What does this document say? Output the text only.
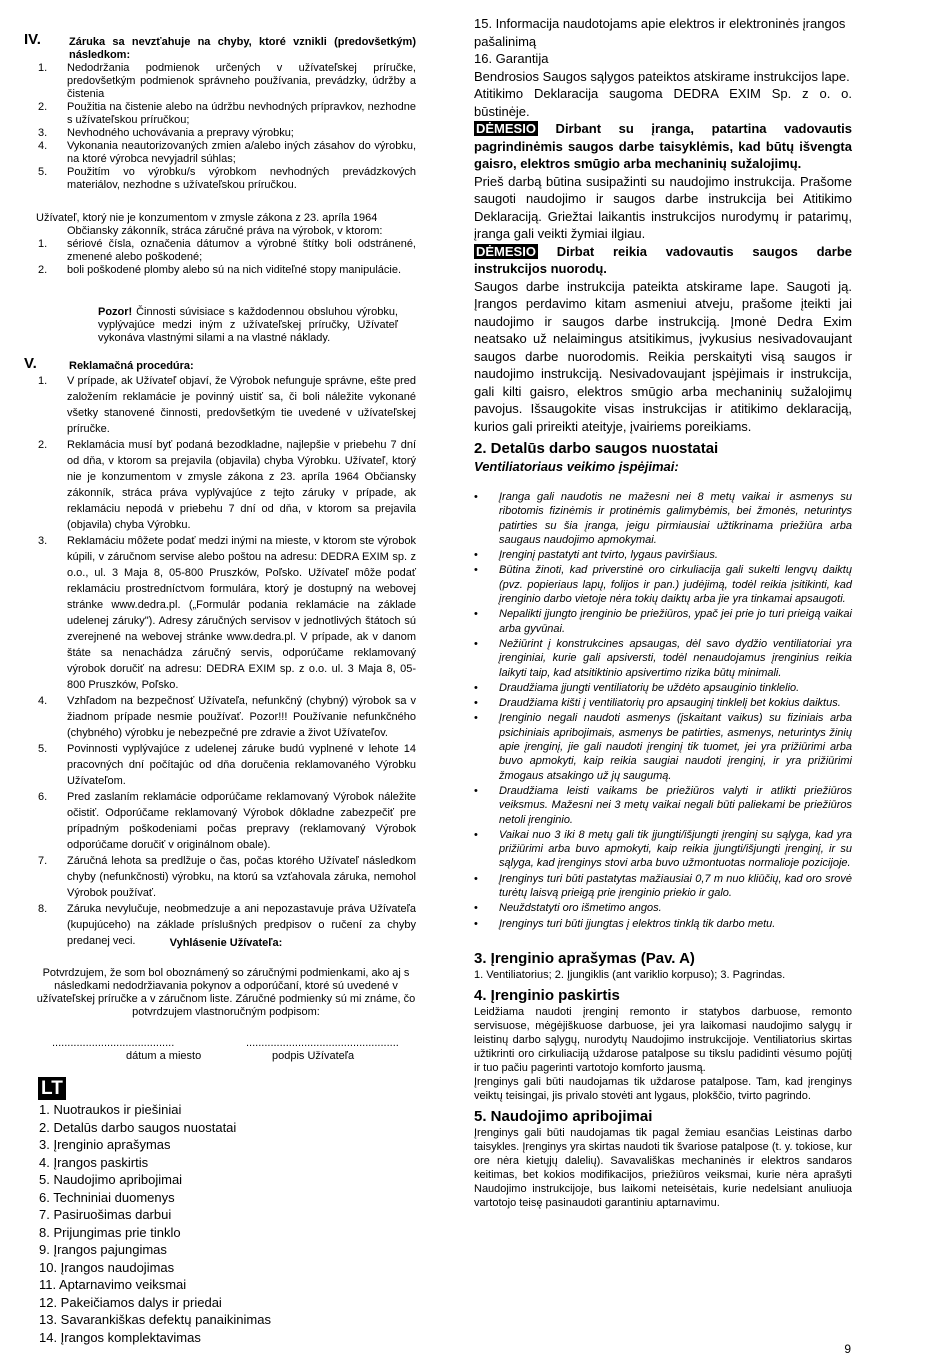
IV.	Záruka sa nevzťahuje na chyby, ktoré vznikli (predovšetkým) následkom:
1. Nedodržania podmienok určených v užívateľskej príručke, predovšetkým podmienok správneho používania, prevádzky, údržby a čistenia
2. Použitia na čistenie alebo na údržbu nevhodných prípravkov, nezhodne s užívateľskou príručkou;
3. Nevhodného uchovávania a prepravy výrobku;
4. Vykonania neautorizovaných zmien a/alebo iných zásahov do výrobku, na ktoré výrobca nevyjadril súhlas;
5. Použitím vo výrobku/s výrobkom nevhodných prevádzkových materiálov, nezhodne s užívateľskou príručkou.
Užívateľ, ktorý nie je konzumentom v zmysle zákona z 23. apríla 1964
Občiansky zákonník, stráca záručné práva na výrobok, v ktorom:
1. sériové čísla, označenia dátumov a výrobné štítky boli odstránené, zmenené alebo poškodené;
2. boli poškodené plomby alebo sú na nich viditeľné stopy manipulácie.
Pozor! Činnosti súvisiace s každodennou obsluhou výrobku, vyplývajúce medzi iným z užívateľskej príručky, Užívateľ vykonáva vlastnými silami a na vlastné náklady.
V.	Reklamačná procedúra:
1. V prípade, ak Užívateľ objaví, že Výrobok nefunguje správne, ešte pred založením reklamácie je povinný uistiť sa, či boli náležite vykonané všetky stanovené činnosti, predovšetkým tie uvedené v užívateľskej príručke.
2. Reklamácia musí byť podaná bezodkladne, najlepšie v priebehu 7 dní od dňa, v ktorom sa prejavila (objavila) chyba Výrobku. Užívateľ, ktorý nie je konzumentom v zmysle zákona z 23. apríla 1964 Občiansky zákonník, stráca práva vyplývajúce z tejto záruky v prípade, ak reklamáciu nepodá v priebehu 7 dní od dňa, v ktorom sa prejavila (objavila) chyba Výrobku.
3. Reklamáciu môžete podať medzi inými na mieste, v ktorom ste výrobok kúpili, v záručnom servise alebo poštou na adresu: DEDRA EXIM sp. z o.o., ul. 3 Maja 8, 05-800 Pruszków, Poľsko. Užívateľ môže podať reklamáciu prostredníctvom formulára, ktorý je dostupný na webovej stránke www.dedra.pl. („Formulár podania reklamácie na základe udelenej záruky"). Adresy záručných servisov v jednotlivých štátoch sú zverejnené na webovej stránke www.dedra.pl. V prípade, ak v danom štáte sa nenachádza záručný servis, odporúčame reklamovaný výrobok doručiť na adresu: DEDRA EXIM sp. z o.o. ul. 3 Maja 8, 05-800 Pruszków, Poľsko.
4. Vzhľadom na bezpečnosť Užívateľa, nefunkčný (chybný) výrobok sa v žiadnom prípade nesmie používať. Pozor!!! Používanie nefunkčného (chybného) výrobku je nebezpečné pre zdravie a život Užívateľov.
5. Povinnosti vyplývajúce z udelenej záruke budú vyplnené v lehote 14 pracovných dní počítajúc od dňa doručenia reklamovaného Výrobku Užívateľom.
6. Pred zaslaním reklamácie odporúčame reklamovaný Výrobok náležite očistiť. Odporúčame reklamovaný Výrobok dôkladne zabezpečiť pre prípadným poškodeniami počas prepravy (reklamovaný Výrobok odporúčame doručiť v originálnom obale).
7. Záručná lehota sa predlžuje o čas, počas ktorého Užívateľ následkom chyby (nefunkčnosti) výrobku, na ktorú sa vzťahovala záruka, nemohol Výrobok používať.
8. Záruka nevylučuje, neobmedzuje a ani nepozastavuje práva Užívateľa (kupujúceho) na základe príslušných predpisov o ručení za chyby predanej veci.	Vyhlásenie Užívateľa:
Potvrdzujem, že som bol oboznámený so záručnými podmienkami, ako aj s následkami nedodržiavania pokynov a odporúčaní, ktoré sú uvedené v užívateľskej príručke a v záručnom liste. Záručné podmienky sú mi známe, čo potvrdzujem vlastnoručným podpisom:
........................................	..................................................
dátum a miesto	podpis Užívateľa
LT
1. Nuotraukos ir piešiniai
2. Detalūs darbo saugos nuostatai
3. Įrenginio aprašymas
4. Įrangos paskirtis
5. Naudojimo apribojimai
6. Techniniai duomenys
7. Pasiruošimas darbui
8. Prijungimas prie tinklo
9. Įrangos pajungimas
10. Įrangos naudojimas
11. Aptarnavimo veiksmai
12. Pakeičiamos dalys ir priedai
13. Savarankiškas defektų panaikinimas
14. Įrangos komplektavimas
15. Informacija naudotojams apie elektros ir elektroninės įrangos pašalinimą
16. Garantija
Bendrosios Saugos sąlygos pateiktos atskirame instrukcijos lape.
Atitikimo Deklaracija saugoma DEDRA EXIM Sp. z o. o. būstinėje.
DĖMESIO Dirbant su įranga, patartina vadovautis pagrindinėmis saugos darbe taisyklėmis, kad būtų išvengta gaisro, elektros smūgio arba mechaninių sužalojimų.
Prieš darbą būtina susipažinti su naudojimo instrukcija. Prašome saugoti naudojimo ir saugos darbe instrukcija bei Atitikimo Deklaraciją. Griežtai laikantis instrukcijos nurodymų ir patarimų, įranga gali veikti žymiai ilgiau.
DĖMESIO Dirbat reikia vadovautis saugos darbe instrukcijos nuorodų.
Saugos darbe instrukcija pateikta atskirame lape. Saugoti ją. Įrangos perdavimo kitam asmeniui atveju, prašome įteikti jai naudojimo ir saugos darbe instrukciją. Įmonė Dedra Exim neatsako už nelaimingus atsitikimus, įvykusius nesivadovaujant saugos darbe nuorodomis. Reikia perskaityti visą saugos ir naudojimo instrukciją. Nesivadovaujant įspėjimais ir instrukcija, gali kilti gaisro, elektros smūgio arba mechaninių sužalojimų pavojus. Išsaugokite visas instrukcijas ir atitikimo deklaraciją, kurios gali prireikti ateityje, įvairiems poreikiams.
2. Detalūs darbo saugos nuostatai
Ventiliatoriaus veikimo įspėjimai:
• Įranga gali naudotis ne mažesni nei 8 metų vaikai ir asmenys su ribotomis fizinėmis ir protinėmis galimybėmis, bei žmonės, neturintys patirties su šia įranga, jeigu pirmiausiai užtikrinama priežiūra arba saugaus naudojimo apmokymai.
• Įrenginį pastatyti ant tvirto, lygaus paviršiaus.
• Būtina žinoti, kad priverstinė oro cirkuliacija gali sukelti lengvų daiktų (pvz. popieriaus lapų, folijos ir pan.) judėjimą, todėl reikia įsitikinti, kad įrenginio darbo vietoje nėra tokių daiktų arba jie yra tinkamai apsaugoti.
• Nepalikti įjungto įrenginio be priežiūros, ypač jei prie jo turi prieigą vaikai arba gyvūnai.
• Nežiūrint į konstrukcines apsaugas, dėl savo dydžio ventiliatoriai yra įrenginiai, kurie gali apsiversti, todėl nenaudojamus įrenginius reikia laikyti taip, kad atsitiktinio apsivertimo rizika būtų minimali.
• Draudžiama įjungti ventiliatorių be uždėto apsauginio tinklelio.
• Draudžiama kišti į ventiliatorių pro apsauginį tinklelį bet kokius daiktus.
• Įrenginio negali naudoti asmenys (įskaitant vaikus) su fiziniais arba psichiniais apribojimais, asmenys be patirties, asmenys, neturintys žinių apie įrenginį, jie gali naudoti įrenginį tik tuomet, jei yra prižiūrimi arba buvo apmokyti, kaip reikia saugiai naudoti įrenginį, ir yra prižiūrimi žmogaus atsakingo už jų saugumą.
• Draudžiama leisti vaikams be priežiūros valyti ir atlikti priežiūros veiksmus. Mažesni nei 3 metų vaikai negali būti paliekami be priežiūros netoli įrenginio.
• Vaikai nuo 3 iki 8 metų gali tik įjungti/išjungti įrenginį su sąlyga, kad yra prižiūrimi arba buvo apmokyti, kaip reikia įjungti/išjungti įrenginį, ir su sąlyga, kad įrenginys stovi arba buvo užmontuotas normalioje pozicijoje.
• Įrenginys turi būti pastatytas mažiausiai 0,7 m nuo kliūčių, kad oro srovė turėtų laisvą prieigą prie įrenginio priekio ir galo.
• Neuždstatyti oro išmetimo angos.
• Įrenginys turi būti įjungtas į elektros tinklą tik darbo metu.
3. Įrenginio aprašymas (Pav. A)
1. Ventiliatorius; 2. Įjungiklis (ant variklio korpuso); 3. Pagrindas.
4. Įrenginio paskirtis
Leidžiama naudoti įrenginį remonto ir statybos darbuose, remonto servisuose, mėgėjiškuose darbuose, jei yra laikomasi naudojimo salygų ir leistinų darbo sąlygų, nurodytų Naudojimo instrukcijoje. Ventiliatorius skirtas užtikrinti oro cirkuliaciją uždarose patalpose su tikslu padidinti vėsumo pojūtį ir tuo pačiu pagerinti vartotojo komforto jausmą.
Įrenginys gali būti naudojamas tik uždarose patalpose. Tam, kad įrenginys veiktų teisingai, jis privalo stovėti ant lygaus, plokščio, tvirto pagrindo.
5. Naudojimo apribojimai
Įrenginys gali būti naudojamas tik pagal žemiau esančias Leistinas darbo taisykles. Įrenginys yra skirtas naudoti tik švariose patalpose (t. y. tokiose, kur ore nėra kietųjų dalelių). Savavališkas mechaninės ir elektros sandaros keitimas, bet kokios modifikacijos, priežiūros veiksmai, kurie nėra aprašyti Naudojimo instrukcijoje, bus laikomi neteisėtais, kurie nedelsiant anuliuoja vartotojo teisę pasinaudoti garantiniu aptarnavimu.
9
